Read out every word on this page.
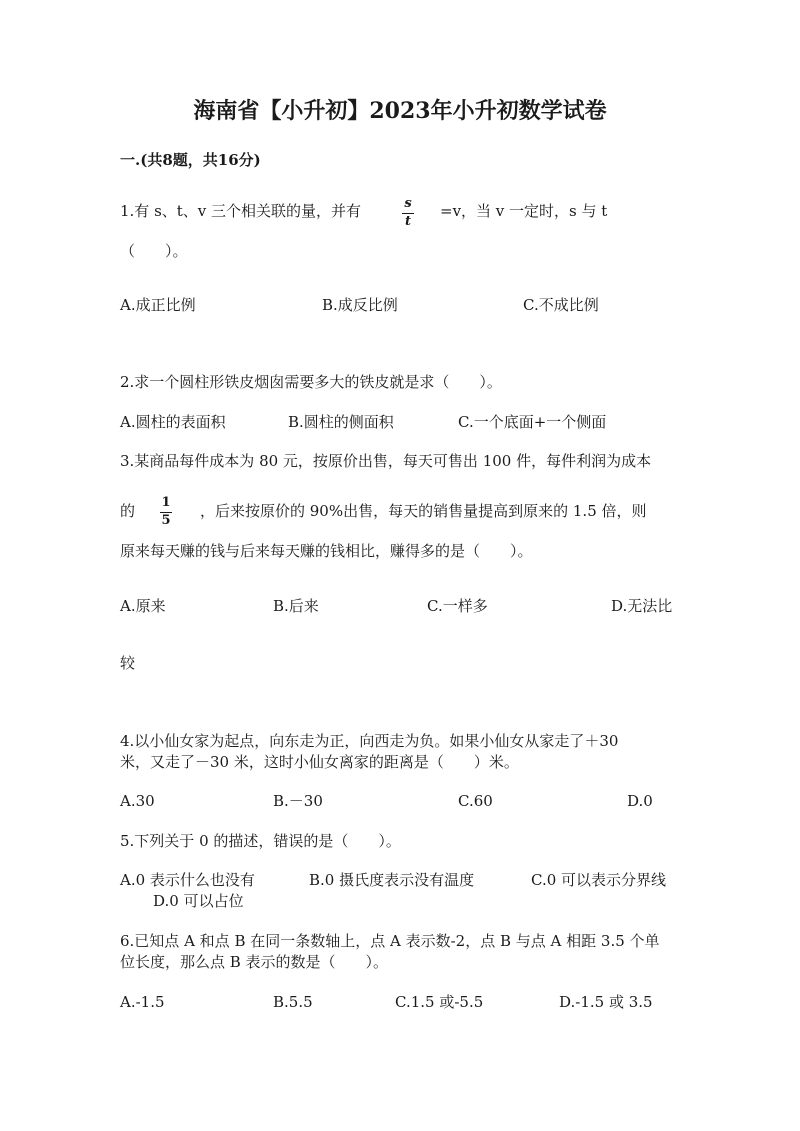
海南省【小升初】2023年小升初数学试卷
一.(共8题，共16分)
1.有 s、t、v 三个相关联的量，并有	s
t
=v，当 v 一定时，s 与 t
（　　）。
A.成正比例	B.成反比例	C.不成比例
2.求一个圆柱形铁皮烟囱需要多大的铁皮就是求（　　）。
A.圆柱的表面积	B.圆柱的侧面积	C.一个底面+一个侧面
3.某商品每件成本为 80 元，按原价出售，每天可售出 100 件，每件利润为成本
的 1
5
，后来按原价的 90%出售，每天的销售量提高到原来的 1.5 倍，则
原来每天赚的钱与后来每天赚的钱相比，赚得多的是（　　）。
A.原来	B.后来	C.一样多	D.无法比
较
4.以小仙女家为起点，向东走为正，向西走为负。如果小仙女从家走了＋30
米，又走了－30 米，这时小仙女离家的距离是（　　）米。
A.30	B.－30	C.60	D.0
5.下列关于 0 的描述，错误的是（　　）。
A.0 表示什么也没有	B.0 摄氏度表示没有温度	C.0 可以表示分界线
D.0 可以占位
6.已知点 A 和点 B 在同一条数轴上，点 A 表示数-2，点 B 与点 A 相距 3.5 个单
位长度，那么点 B 表示的数是（　　）。
A.-1.5	B.5.5	C.1.5 或-5.5	D.-1.5 或 3.5
